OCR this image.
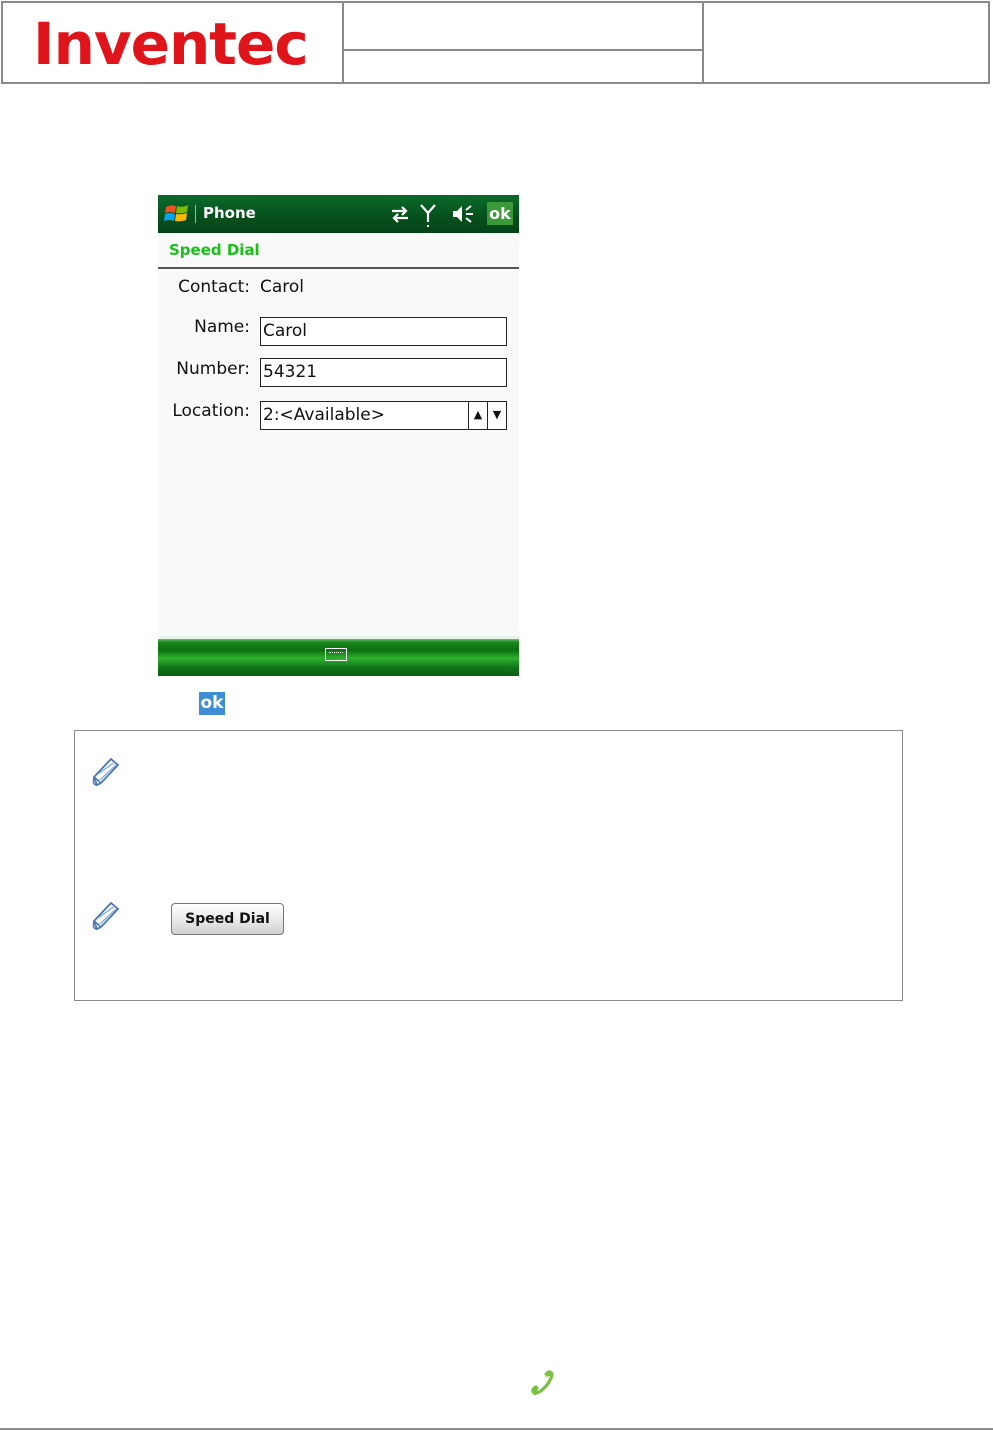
Inventec
Phone	ok
Speed Dial
Contact: Carol
Name: Carol
Number: 54321
Location: 2:<Available>	▲ ▼
ok
Speed Dial
